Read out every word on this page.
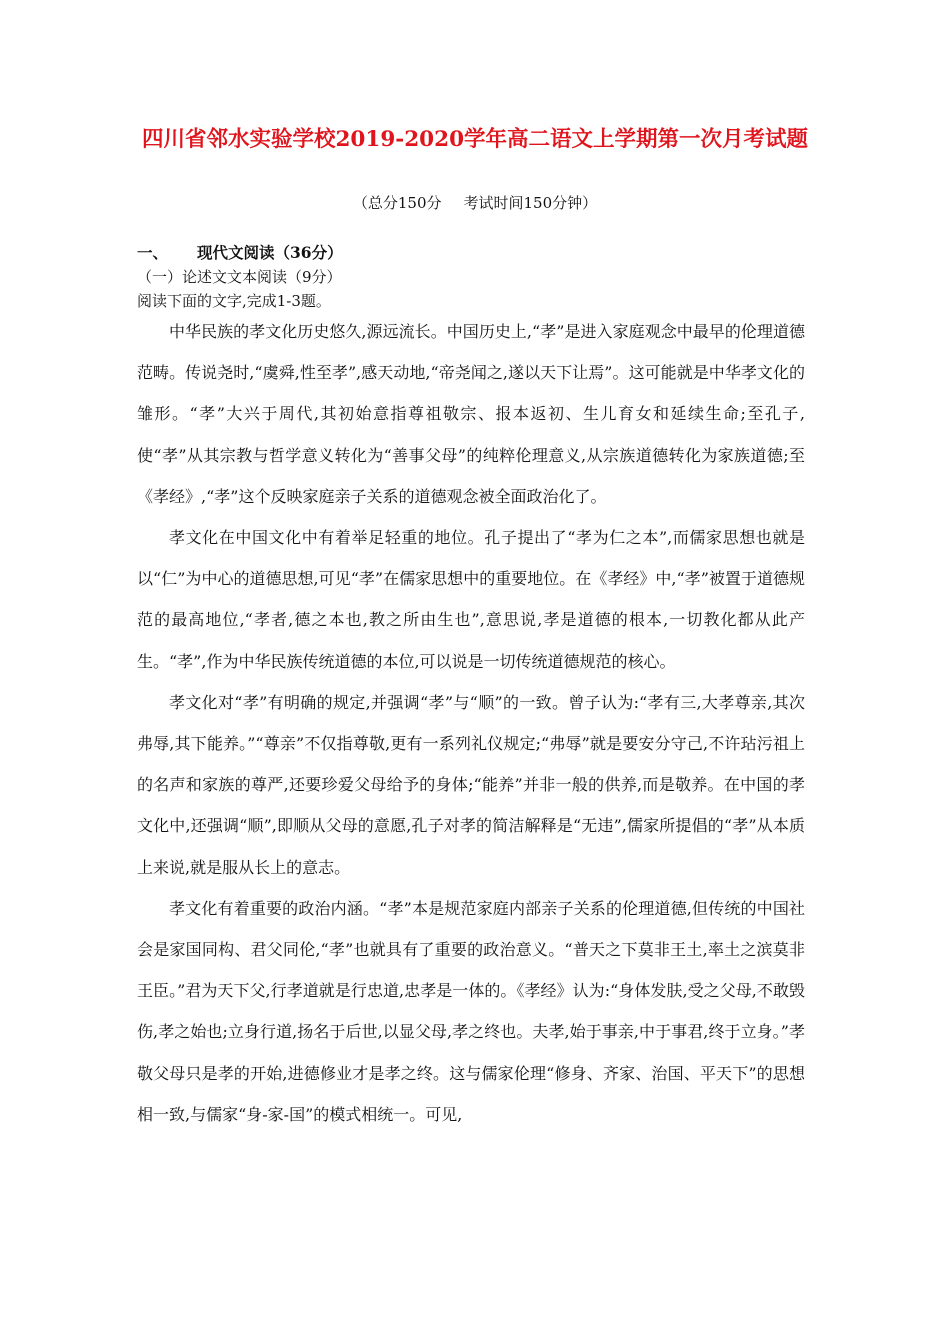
四川省邻水实验学校2019-2020学年高二语文上学期第一次月考试题
（总分150分 考试时间150分钟）
一、 现代文阅读（36分）
（一）论述文文本阅读（9分）
阅读下面的文字,完成1-3题。

中华民族的孝文化历史悠久,源远流长。中国历史上,“孝”是进入家庭观念中最早的伦理道德范畴。传说尧时,“虞舜,性至孝”,感天动地,“帝尧闻之,遂以天下让焉”。这可能就是中华孝文化的雏形。“孝”大兴于周代,其初始意指尊祖敬宗、报本返初、生儿育女和延续生命;至孔子,使“孝”从其宗教与哲学意义转化为“善事父母”的纯粹伦理意义,从宗族道德转化为家族道德;至《孝经》,“孝”这个反映家庭亲子关系的道德观念被全面政治化了。

孝文化在中国文化中有着举足轻重的地位。孔子提出了“孝为仁之本”,而儒家思想也就是以“仁”为中心的道德思想,可见“孝”在儒家思想中的重要地位。在《孝经》中,“孝”被置于道德规范的最高地位,“孝者,德之本也,教之所由生也”,意思说,孝是道德的根本,一切教化都从此产生。“孝”,作为中华民族传统道德的本位,可以说是一切传统道德规范的核心。

孝文化对“孝”有明确的规定,并强调“孝”与“顺”的一致。曾子认为:“孝有三,大孝尊亲,其次弗辱,其下能养。”“尊亲”不仅指尊敬,更有一系列礼仪规定;“弗辱”就是要安分守己,不许玷污祖上的名声和家族的尊严,还要珍爱父母给予的身体;“能养”并非一般的供养,而是敬养。在中国的孝文化中,还强调“顺”,即顺从父母的意愿,孔子对孝的简洁解释是“无违”,儒家所提倡的“孝”从本质上来说,就是服从长上的意志。

孝文化有着重要的政治内涵。“孝”本是规范家庭内部亲子关系的伦理道德,但传统的中国社会是家国同构、君父同伦,“孝”也就具有了重要的政治意义。“普天之下莫非王土,率土之滨莫非王臣。”君为天下父,行孝道就是行忠道,忠孝是一体的。《孝经》认为:“身体发肤,受之父母,不敢毁伤,孝之始也;立身行道,扬名于后世,以显父母,孝之终也。夫孝,始于事亲,中于事君,终于立身。”孝敬父母只是孝的开始,进德修业才是孝之终。这与儒家伦理“修身、齐家、治国、平天下”的思想相一致,与儒家“身-家-国”的模式相统一。可见,
